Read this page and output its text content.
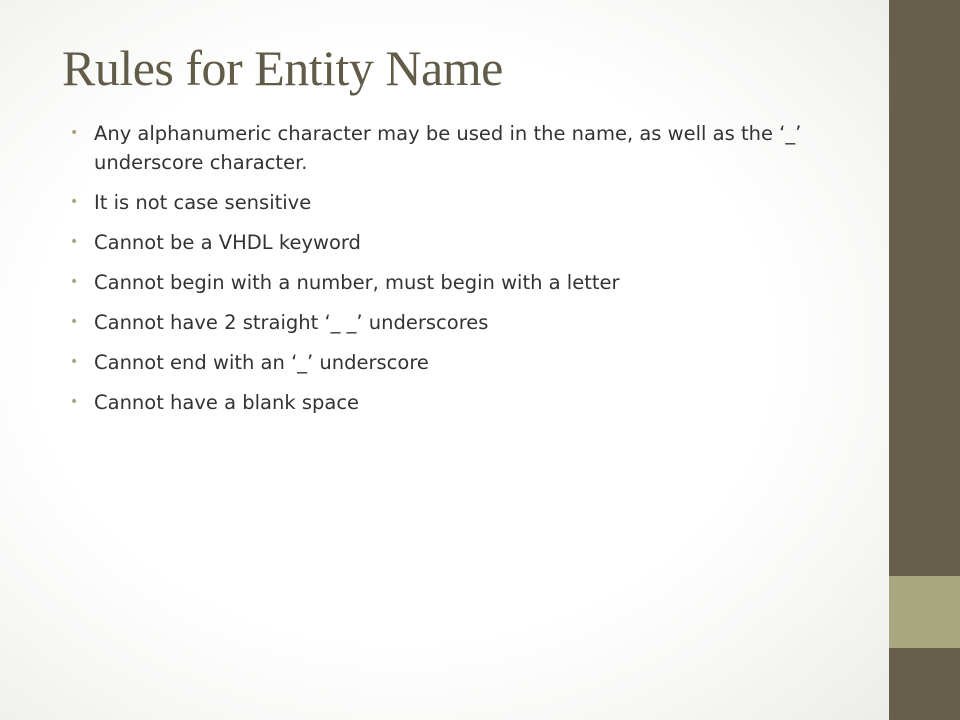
Rules for Entity Name
• Any alphanumeric character may be used in the name, as well as the ‘_’ underscore character.
• It is not case sensitive
• Cannot be a VHDL keyword
• Cannot begin with a number, must begin with a letter
• Cannot have 2 straight ‘_ _’ underscores
• Cannot end with an ‘_’ underscore
• Cannot have a blank space
